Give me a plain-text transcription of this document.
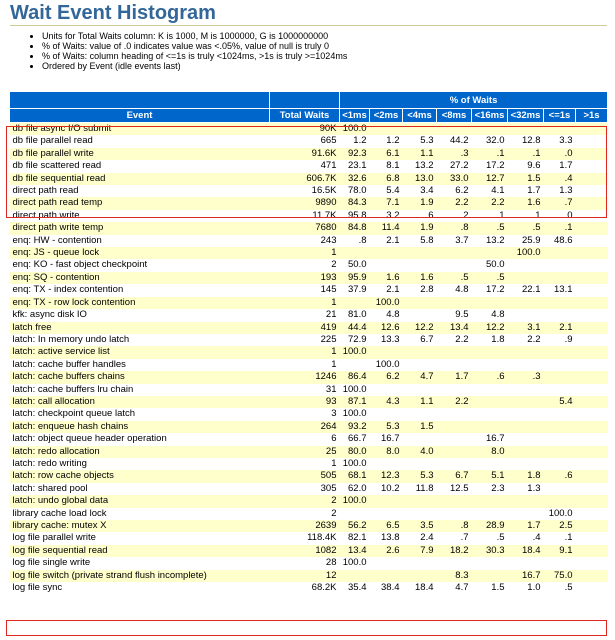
Wait Event Histogram
• Units for Total Waits column: K is 1000, M is 1000000, G is 1000000000
• % of Waits: value of .0 indicates value was <.05%, value of null is truly 0
• % of Waits: column heading of <=1s is truly <1024ms, >1s is truly >=1024ms
• Ordered by Event (idle events last)
		% of Waits							
Event	Total Waits	<1ms	<2ms	<4ms	<8ms	<16ms	<32ms	<=1s	>1s
db file async I/O submit	90K	100.0							
db file parallel read	665	1.2	1.2	5.3	44.2	32.0	12.8	3.3	
db file parallel write	91.6K	92.3	6.1	1.1	.3	.1	.1	.0	
db file scattered read	471	23.1	8.1	13.2	27.2	17.2	9.6	1.7	
db file sequential read	606.7K	32.6	6.8	13.0	33.0	12.7	1.5	.4	
direct path read	16.5K	78.0	5.4	3.4	6.2	4.1	1.7	1.3	
direct path read temp	9890	84.3	7.1	1.9	2.2	2.2	1.6	.7	
direct path write	11.7K	95.8	3.2	.6	.2	.1	.1	.0	
direct path write temp	7680	84.8	11.4	1.9	.8	.5	.5	.1	
enq: HW - contention	243	.8	2.1	5.8	3.7	13.2	25.9	48.6	
enq: JS - queue lock	1						100.0		
enq: KO - fast object checkpoint	2	50.0				50.0			
enq: SQ - contention	193	95.9	1.6	1.6	.5	.5			
enq: TX - index contention	145	37.9	2.1	2.8	4.8	17.2	22.1	13.1	
enq: TX - row lock contention	1		100.0						
kfk: async disk IO	21	81.0	4.8		9.5	4.8			
latch free	419	44.4	12.6	12.2	13.4	12.2	3.1	2.1	
latch: In memory undo latch	225	72.9	13.3	6.7	2.2	1.8	2.2	.9	
latch: active service list	1	100.0							
latch: cache buffer handles	1		100.0						
latch: cache buffers chains	1246	86.4	6.2	4.7	1.7	.6	.3		
latch: cache buffers lru chain	31	100.0							
latch: call allocation	93	87.1	4.3	1.1	2.2			5.4	
latch: checkpoint queue latch	3	100.0							
latch: enqueue hash chains	264	93.2	5.3	1.5					
latch: object queue header operation	6	66.7	16.7			16.7			
latch: redo allocation	25	80.0	8.0	4.0		8.0			
latch: redo writing	1	100.0							
latch: row cache objects	505	68.1	12.3	5.3	6.7	5.1	1.8	.6	
latch: shared pool	305	62.0	10.2	11.8	12.5	2.3	1.3		
latch: undo global data	2	100.0							
library cache load lock	2							100.0	
library cache: mutex X	2639	56.2	6.5	3.5	.8	28.9	1.7	2.5	
log file parallel write	118.4K	82.1	13.8	2.4	.7	.5	.4	.1	
log file sequential read	1082	13.4	2.6	7.9	18.2	30.3	18.4	9.1	
log file single write	28	100.0							
log file switch (private strand flush incomplete)	12				8.3		16.7	75.0	
log file sync	68.2K	35.4	38.4	18.4	4.7	1.5	1.0	.5	
